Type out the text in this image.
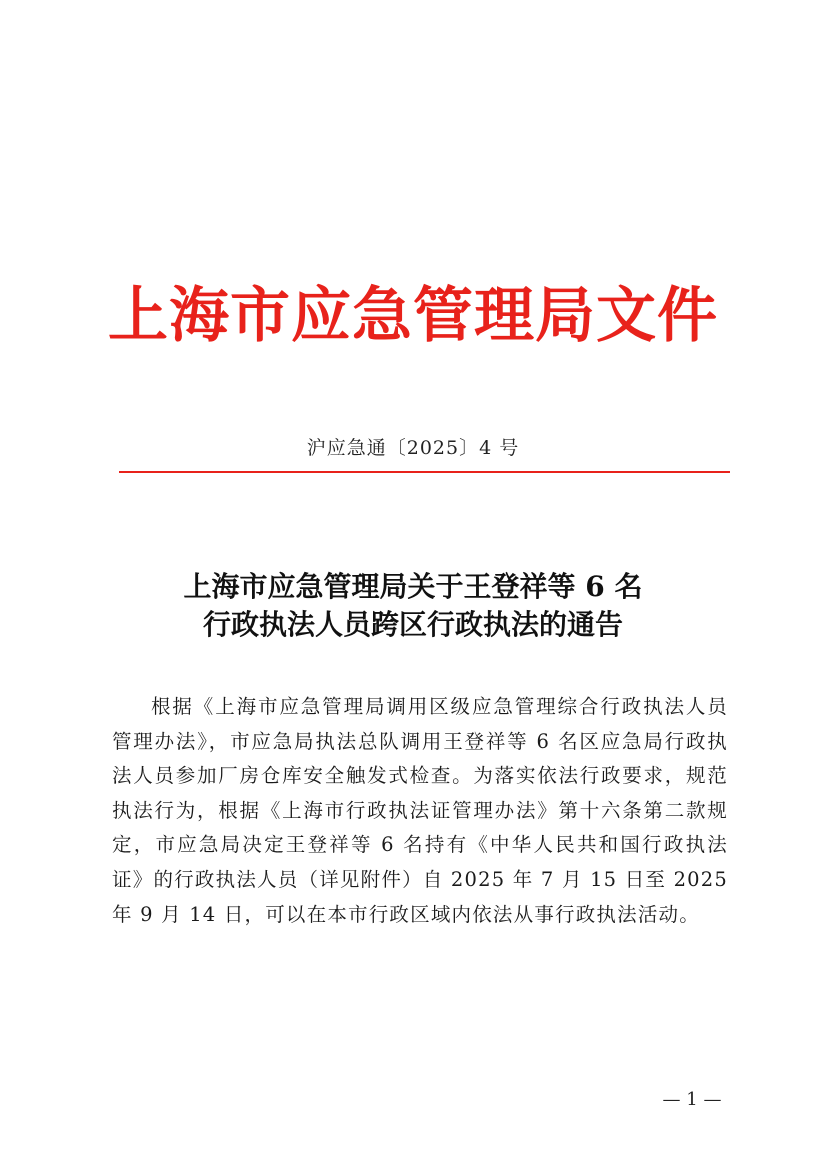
上海市应急管理局文件
沪应急通〔2025〕4 号
上海市应急管理局关于王登祥等 6 名
行政执法人员跨区行政执法的通告
根据《上海市应急管理局调用区级应急管理综合行政执法人员管理办法》，市应急局执法总队调用王登祥等 6 名区应急局行政执法人员参加厂房仓库安全触发式检查。为落实依法行政要求，规范执法行为，根据《上海市行政执法证管理办法》第十六条第二款规定，市应急局决定王登祥等 6 名持有《中华人民共和国行政执法证》的行政执法人员（详见附件）自 2025 年 7 月 15 日至 2025 年 9 月 14 日，可以在本市行政区域内依法从事行政执法活动。
— 1 —
